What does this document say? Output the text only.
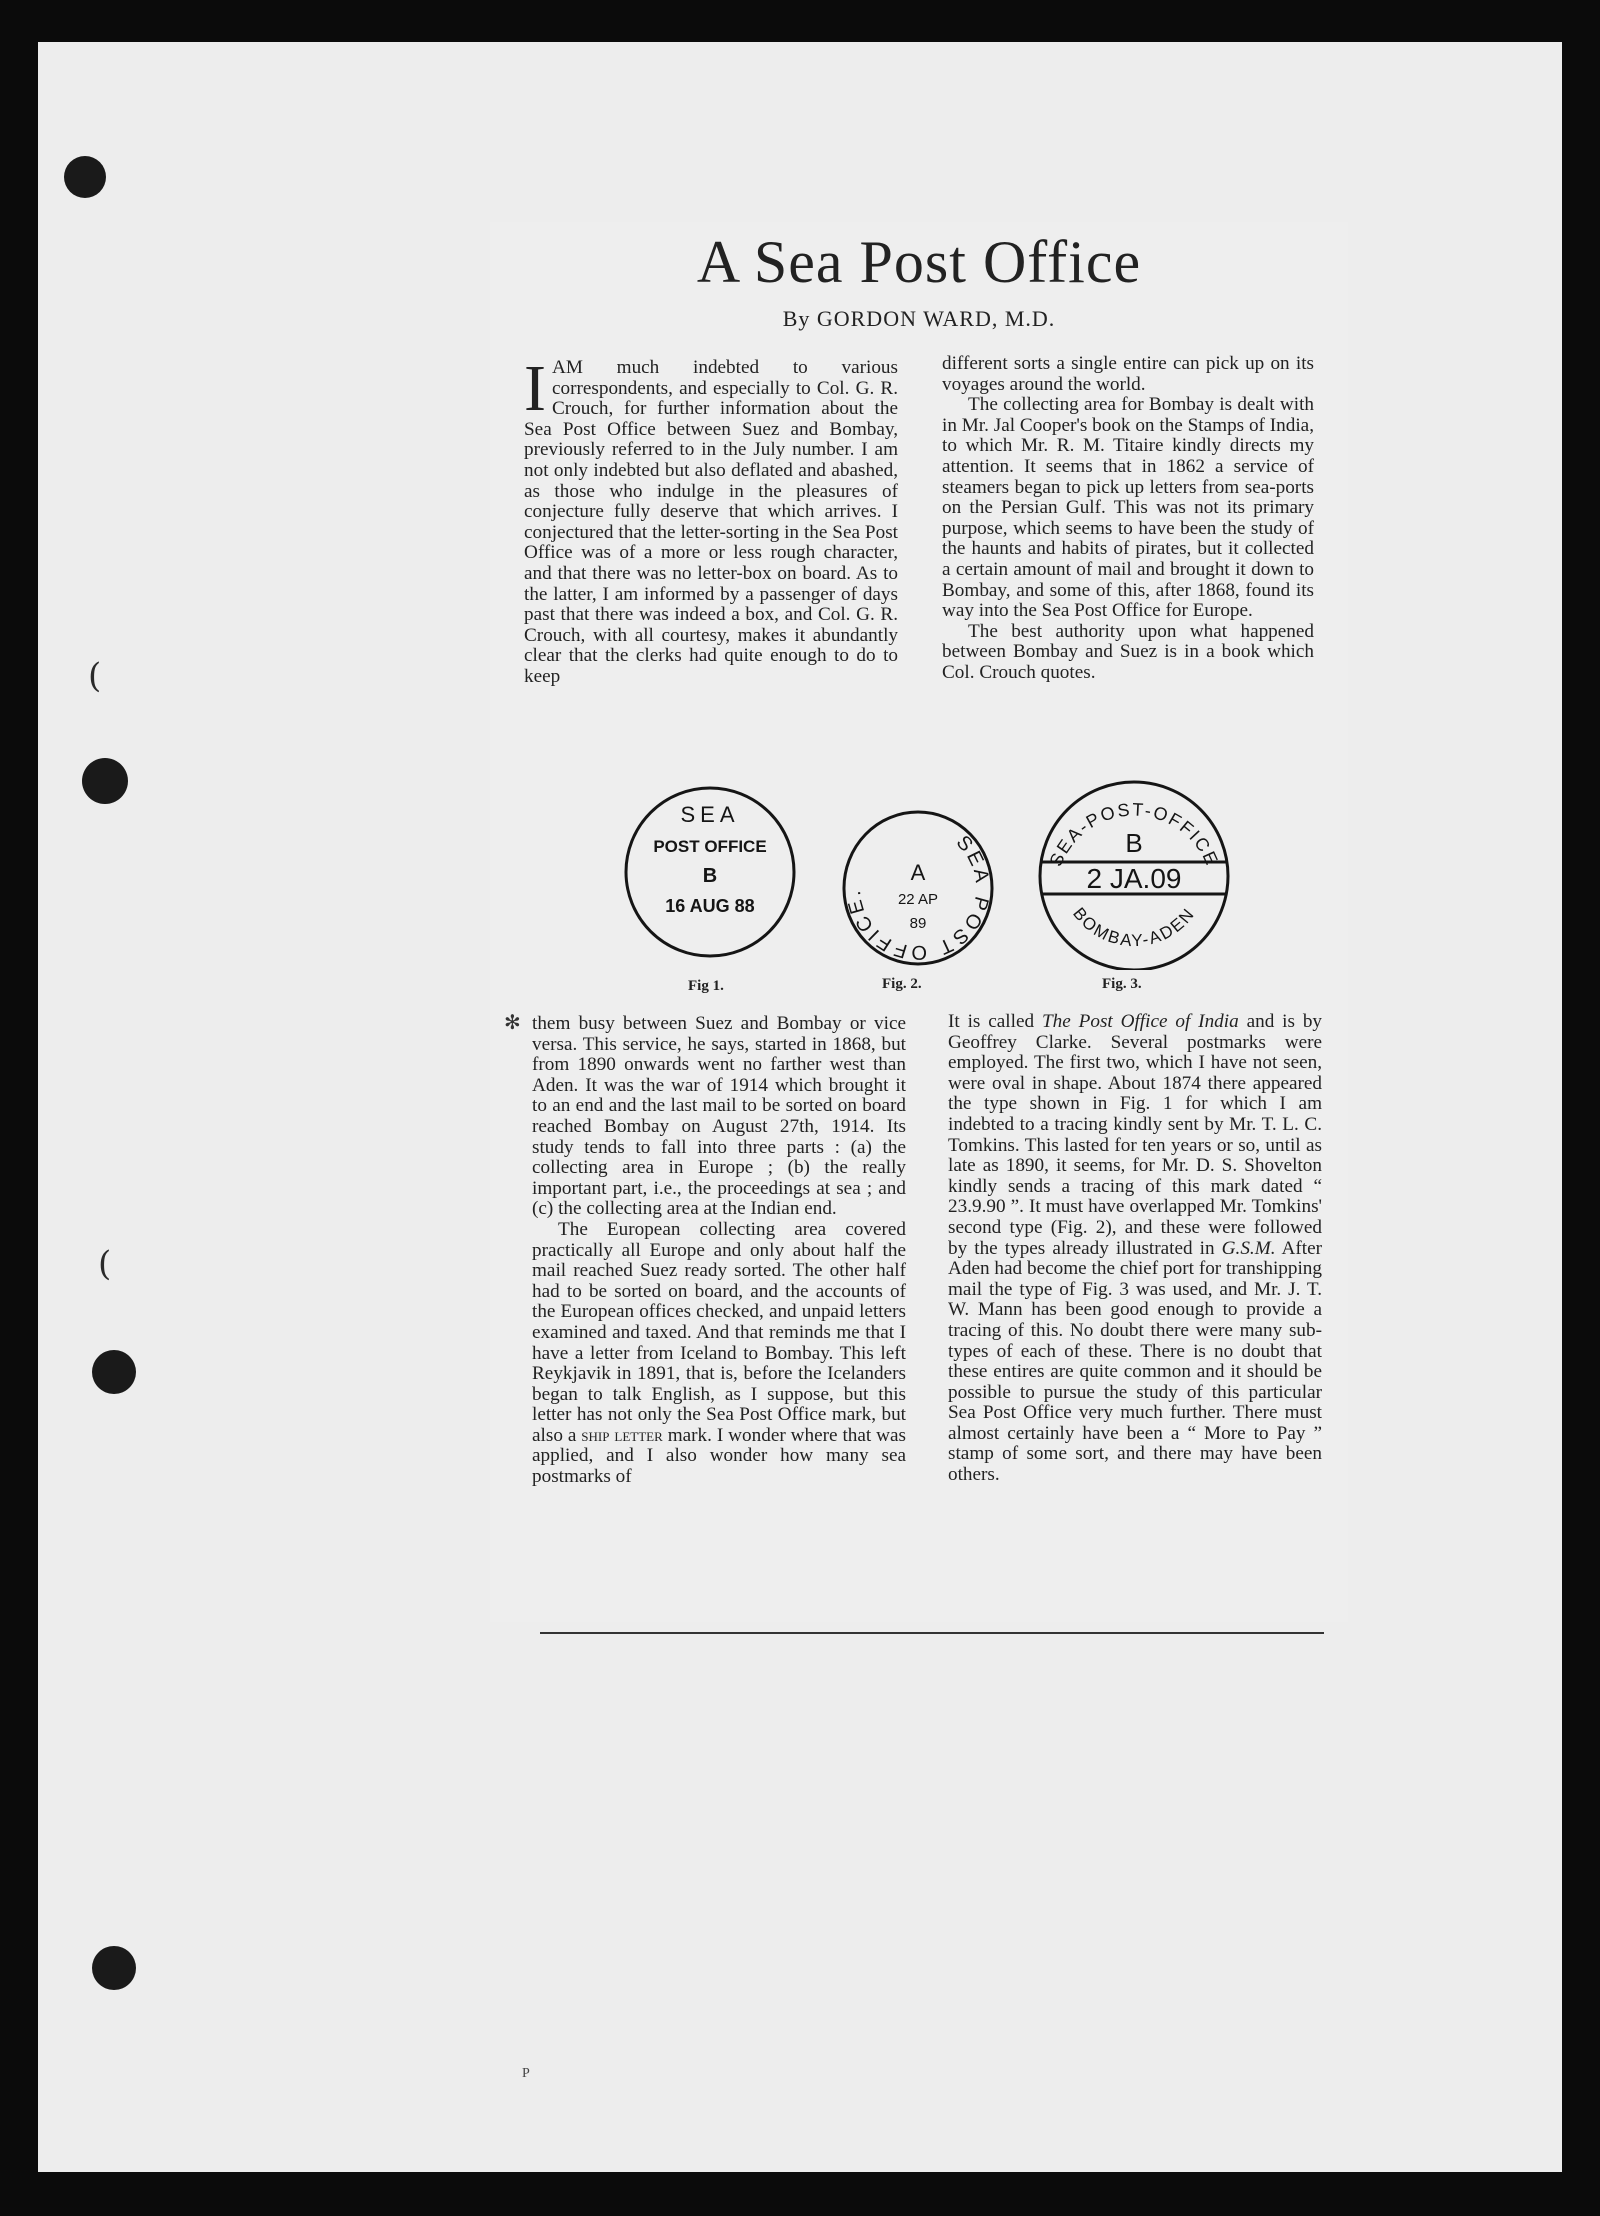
(
(
P
A Sea Post Office
By GORDON WARD, M.D.

IAM much indebted to various correspondents, and especially to Col. G. R. Crouch, for further information about the Sea Post Office between Suez and Bombay, previously referred to in the July number. I am not only indebted but also deflated and abashed, as those who indulge in the pleasures of conjecture fully deserve that which arrives. I conjectured that the letter-sorting in the Sea Post Office was of a more or less rough character, and that there was no letter-box on board. As to the latter, I am informed by a passenger of days past that there was indeed a box, and Col. G. R. Crouch, with all courtesy, makes it abundantly clear that the clerks had quite enough to do to keep

different sorts a single entire can pick up on its voyages around the world.

The collecting area for Bombay is dealt with in Mr. Jal Cooper's book on the Stamps of India, to which Mr. R. M. Titaire kindly directs my attention. It seems that in 1862 a service of steamers began to pick up letters from sea-ports on the Persian Gulf. This was not its primary purpose, which seems to have been the study of the haunts and habits of pirates, but it collected a certain amount of mail and brought it down to Bombay, and some of this, after 1868, found its way into the Sea Post Office for Europe.

The best authority upon what happened between Bombay and Suez is in a book which Col. Crouch quotes.

SEA
POST OFFICE
B
16 AUG 88
Fig 1.
POST OF
SEA
FICE.
A
22 AP
89
Fig. 2.
SEA-POST-OFFICE
B
2 JA.09
BOMBAY-ADEN
Fig. 3.
✻ them busy between Suez and Bombay or vice versa. This service, he says, started in 1868, but from 1890 onwards went no farther west than Aden. It was the war of 1914 which brought it to an end and the last mail to be sorted on board reached Bombay on August 27th, 1914. Its study tends to fall into three parts : (a) the collecting area in Europe ; (b) the really important part, i.e., the proceedings at sea ; and (c) the collecting area at the Indian end.

The European collecting area covered practically all Europe and only about half the mail reached Suez ready sorted. The other half had to be sorted on board, and the accounts of the European offices checked, and unpaid letters examined and taxed. And that reminds me that I have a letter from Iceland to Bombay. This left Reykjavik in 1891, that is, before the Icelanders began to talk English, as I suppose, but this letter has not only the Sea Post Office mark, but also a ship letter mark. I wonder where that was applied, and I also wonder how many sea postmarks of

It is called The Post Office of India and is by Geoffrey Clarke. Several postmarks were employed. The first two, which I have not seen, were oval in shape. About 1874 there appeared the type shown in Fig. 1 for which I am indebted to a tracing kindly sent by Mr. T. L. C. Tomkins. This lasted for ten years or so, until as late as 1890, it seems, for Mr. D. S. Shovelton kindly sends a tracing of this mark dated “ 23.9.90 ”. It must have overlapped Mr. Tomkins' second type (Fig. 2), and these were followed by the types already illustrated in G.S.M. After Aden had become the chief port for transhipping mail the type of Fig. 3 was used, and Mr. J. T. W. Mann has been good enough to provide a tracing of this. No doubt there were many sub-types of each of these. There is no doubt that these entires are quite common and it should be possible to pursue the study of this particular Sea Post Office very much further. There must almost certainly have been a “ More to Pay ” stamp of some sort, and there may have been others.
